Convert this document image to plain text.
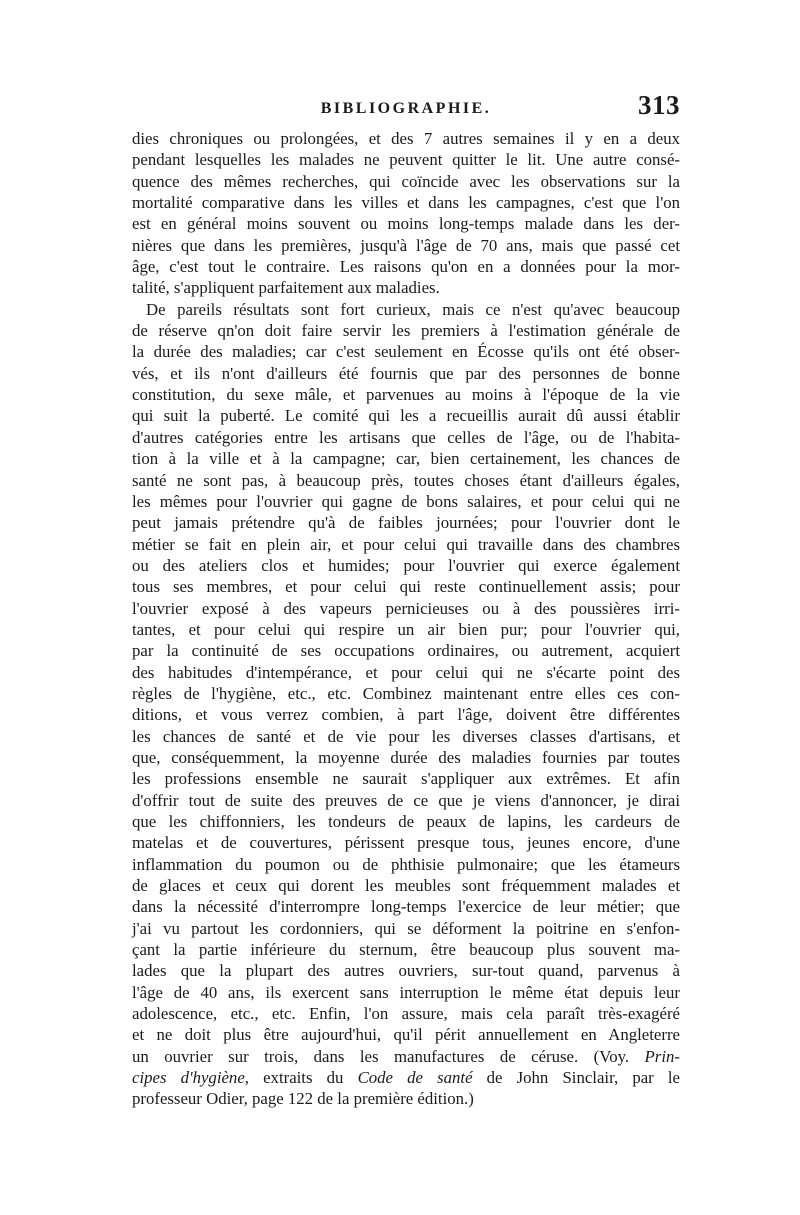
BIBLIOGRAPHIE.	313
dies chroniques ou prolongées, et des 7 autres semaines il y en a deux
pendant lesquelles les malades ne peuvent quitter le lit. Une autre consé-
quence des mêmes recherches, qui coïncide avec les observations sur la
mortalité comparative dans les villes et dans les campagnes, c'est que l'on
est en général moins souvent ou moins long-temps malade dans les der-
nières que dans les premières, jusqu'à l'âge de 70 ans, mais que passé cet
âge, c'est tout le contraire. Les raisons qu'on en a données pour la mor-
talité, s'appliquent parfaitement aux maladies.
De pareils résultats sont fort curieux, mais ce n'est qu'avec beaucoup
de réserve qn'on doit faire servir les premiers à l'estimation générale de
la durée des maladies; car c'est seulement en Écosse qu'ils ont été obser-
vés, et ils n'ont d'ailleurs été fournis que par des personnes de bonne
constitution, du sexe mâle, et parvenues au moins à l'époque de la vie
qui suit la puberté. Le comité qui les a recueillis aurait dû aussi établir
d'autres catégories entre les artisans que celles de l'âge, ou de l'habita-
tion à la ville et à la campagne; car, bien certainement, les chances de
santé ne sont pas, à beaucoup près, toutes choses étant d'ailleurs égales,
les mêmes pour l'ouvrier qui gagne de bons salaires, et pour celui qui ne
peut jamais prétendre qu'à de faibles journées; pour l'ouvrier dont le
métier se fait en plein air, et pour celui qui travaille dans des chambres
ou des ateliers clos et humides; pour l'ouvrier qui exerce également
tous ses membres, et pour celui qui reste continuellement assis; pour
l'ouvrier exposé à des vapeurs pernicieuses ou à des poussières irri-
tantes, et pour celui qui respire un air bien pur; pour l'ouvrier qui,
par la continuité de ses occupations ordinaires, ou autrement, acquiert
des habitudes d'intempérance, et pour celui qui ne s'écarte point des
règles de l'hygiène, etc., etc. Combinez maintenant entre elles ces con-
ditions, et vous verrez combien, à part l'âge, doivent être différentes
les chances de santé et de vie pour les diverses classes d'artisans, et
que, conséquemment, la moyenne durée des maladies fournies par toutes
les professions ensemble ne saurait s'appliquer aux extrêmes. Et afin
d'offrir tout de suite des preuves de ce que je viens d'annoncer, je dirai
que les chiffonniers, les tondeurs de peaux de lapins, les cardeurs de
matelas et de couvertures, périssent presque tous, jeunes encore, d'une
inflammation du poumon ou de phthisie pulmonaire; que les étameurs
de glaces et ceux qui dorent les meubles sont fréquemment malades et
dans la nécessité d'interrompre long-temps l'exercice de leur métier; que
j'ai vu partout les cordonniers, qui se déforment la poitrine en s'enfon-
çant la partie inférieure du sternum, être beaucoup plus souvent ma-
lades que la plupart des autres ouvriers, sur-tout quand, parvenus à
l'âge de 40 ans, ils exercent sans interruption le même état depuis leur
adolescence, etc., etc. Enfin, l'on assure, mais cela paraît très-exagéré
et ne doit plus être aujourd'hui, qu'il périt annuellement en Angleterre
un ouvrier sur trois, dans les manufactures de céruse. (Voy. Prin-
cipes d'hygiène, extraits du Code de santé de John Sinclair, par le
professeur Odier, page 122 de la première édition.)
